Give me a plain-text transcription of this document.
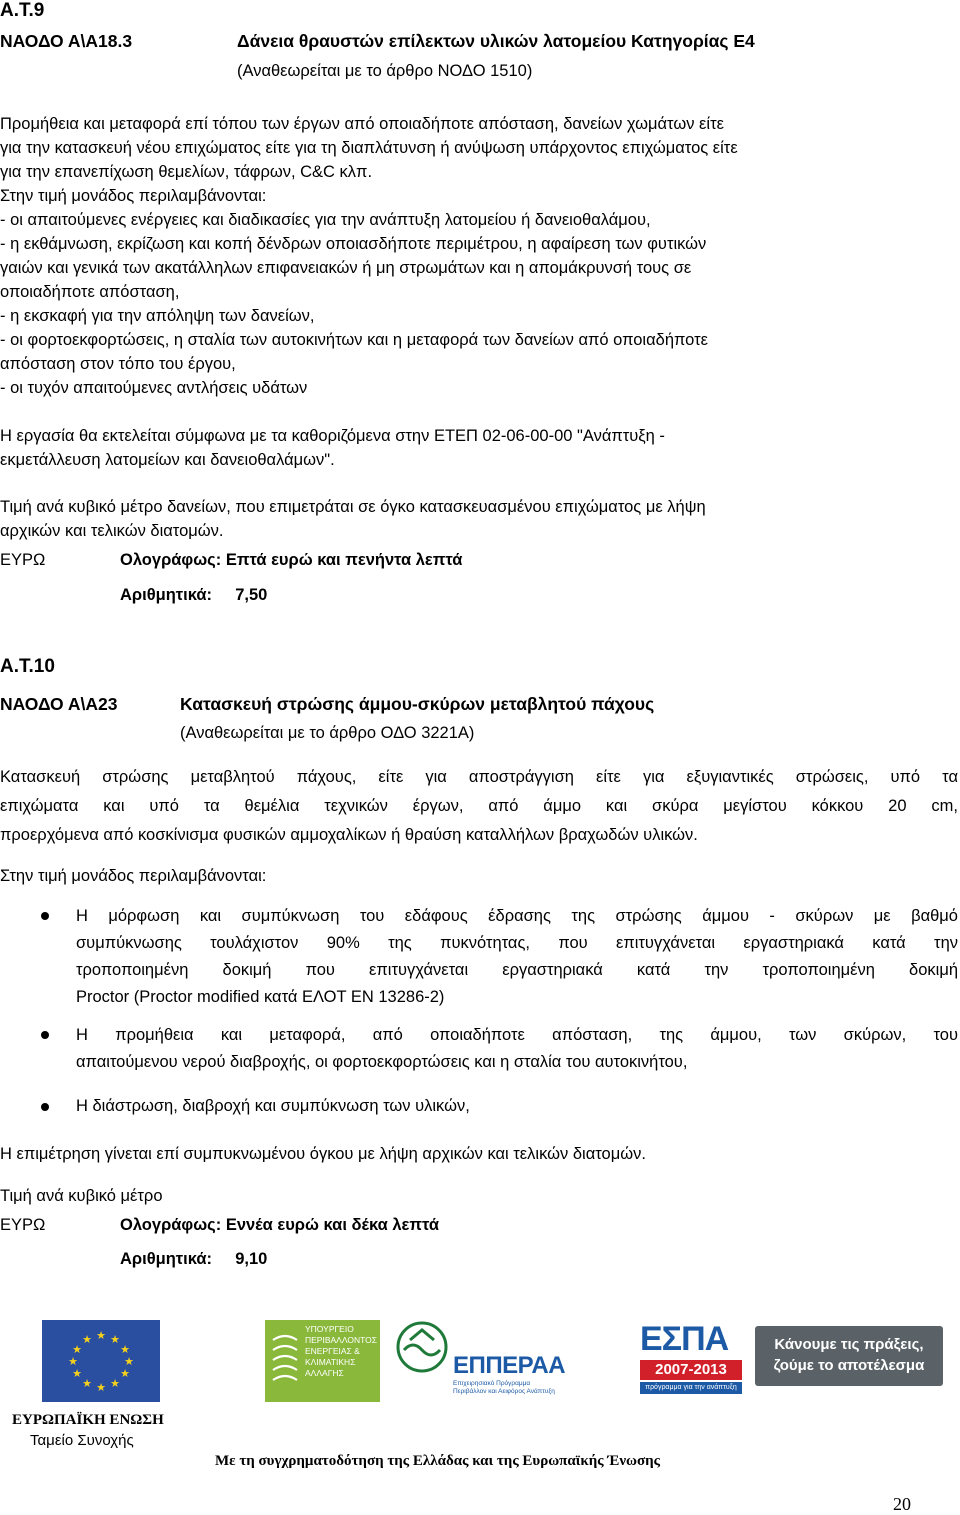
Α.Τ.9
ΝΑΟΔΟ Α\Α18.3	Δάνεια θραυστών επίλεκτων υλικών λατομείου Κατηγορίας Ε4
(Αναθεωρείται με το άρθρο ΝΟΔΟ 1510)
Προμήθεια και μεταφορά επί τόπου των έργων από οποιαδήποτε απόσταση, δανείων χωμάτων είτε
για την κατασκευή νέου επιχώματος είτε για τη διαπλάτυνση ή ανύψωση υπάρχοντος επιχώματος είτε
για την επανεπίχωση θεμελίων, τάφρων, C&C κλπ.
Στην τιμή μονάδος περιλαμβάνονται:
- οι απαιτούμενες ενέργειες και διαδικασίες για την ανάπτυξη λατομείου ή δανειοθαλάμου,
- η εκθάμνωση, εκρίζωση και κοπή δένδρων οποιασδήποτε περιμέτρου, η αφαίρεση των φυτικών
γαιών και γενικά των ακατάλληλων επιφανειακών ή μη στρωμάτων και η απομάκρυνσή τους σε
οποιαδήποτε απόσταση,
- η εκσκαφή για την απόληψη των δανείων,
- οι φορτοεκφορτώσεις, η σταλία των αυτοκινήτων και η μεταφορά των δανείων από οποιαδήποτε
απόσταση στον τόπο του έργου,
- οι τυχόν απαιτούμενες αντλήσεις υδάτων
Η εργασία θα εκτελείται σύμφωνα με τα καθοριζόμενα στην ΕΤΕΠ 02-06-00-00 "Ανάπτυξη -
εκμετάλλευση λατομείων και δανειοθαλάμων".
Τιμή ανά κυβικό μέτρο δανείων, που επιμετράται σε όγκο κατασκευασμένου επιχώματος με λήψη
αρχικών και τελικών διατομών.
ΕΥΡΩ	Ολογράφως: Επτά ευρώ και πενήντα λεπτά
Αριθμητικά: 7,50
Α.Τ.10
ΝΑΟΔΟ Α\Α23	Κατασκευή στρώσης άμμου-σκύρων μεταβλητού πάχους
(Αναθεωρείται με το άρθρο ΟΔΟ 3221Α)
Κατασκευή στρώσης μεταβλητού πάχους, είτε για αποστράγγιση είτε για εξυγιαντικές στρώσεις, υπό τα
επιχώματα και υπό τα θεμέλια τεχνικών έργων, από άμμο και σκύρα μεγίστου κόκκου 20 cm,
προερχόμενα από κοσκίνισμα φυσικών αμμοχαλίκων ή θραύση καταλλήλων βραχωδών υλικών.
Στην τιμή μονάδος περιλαμβάνονται:
Η μόρφωση και συμπύκνωση του εδάφους έδρασης της στρώσης άμμου - σκύρων με βαθμό
συμπύκνωσης τουλάχιστον 90% της πυκνότητας, που επιτυγχάνεται εργαστηριακά κατά την
τροποποιημένη δοκιμή που επιτυγχάνεται εργαστηριακά κατά την τροποποιημένη δοκιμή
Proctor (Proctor modified κατά ΕΛΟΤ ΕΝ 13286-2)
Η προμήθεια και μεταφορά, από οποιαδήποτε απόσταση, της άμμου, των σκύρων, του
απαιτούμενου νερού διαβροχής, οι φορτοεκφορτώσεις και η σταλία του αυτοκινήτου,
Η διάστρωση, διαβροχή και συμπύκνωση των υλικών,
Η επιμέτρηση γίνεται επί συμπυκνωμένου όγκου με λήψη αρχικών και τελικών διατομών.
Τιμή ανά κυβικό μέτρο
ΕΥΡΩ	Ολογράφως: Εννέα ευρώ και δέκα λεπτά
Αριθμητικά: 9,10
★ ★
★
★
★
★
★
★
★
★
★
★
ΕΥΡΩΠΑΪΚΗ ΕΝΩΣΗ
Ταμείο Συνοχής
ΥΠΟΥΡΓΕΙΟ
ΠΕΡΙΒΑΛΛΟΝΤΟΣ
ΕΝΕΡΓΕΙΑΣ &
ΚΛΙΜΑΤΙΚΗΣ
ΑΛΛΑΓΗΣ	ΕΠΠΕΡΑΑ
Επιχειρησιακό Πρόγραμμα
Περιβάλλον και Αειφόρος Ανάπτυξη
ΕΣΠΑ
2007-2013
πρόγραμμα για την ανάπτυξη
Κάνουμε τις πράξεις,
ζούμε το αποτέλεσμα
Με τη συγχρηματοδότηση της Ελλάδας και της Ευρωπαϊκής Ένωσης
20
